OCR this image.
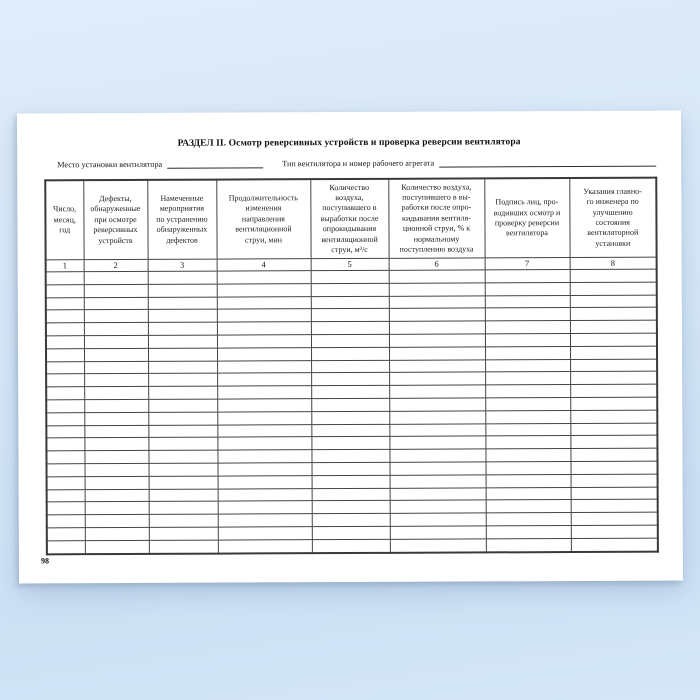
РАЗДЕЛ II. Осмотр реверсивных устройств и проверка реверсии вентилятора
Место установки вентилятора	Тип вентилятора и номер рабочего агрегата
Число,
месяц,
год	Дефекты,
обнаруженные
при осмотре
реверсивных
устройств	Намеченные
мероприятия
по устранению
обнаруженных
дефектов	Продолжительность
изменения
направления
вентиляционной
струи, мин	Количество
воздуха,
поступившего в
выработки после
опрокидывания
вентиляционной
струи, м³/с	Количество воздуха,
поступившего в вы-
работки после опро-
кидывания вентиля-
ционной струи, % к
нормальному
поступлению воздуха	Подпись лиц, про-
водивших осмотр и
проверку реверсии
вентилятора	Указания главно-
го инженера по
улучшению
состояния
вентиляторной
установки
1	2	3	4	5	6	7	8

98
